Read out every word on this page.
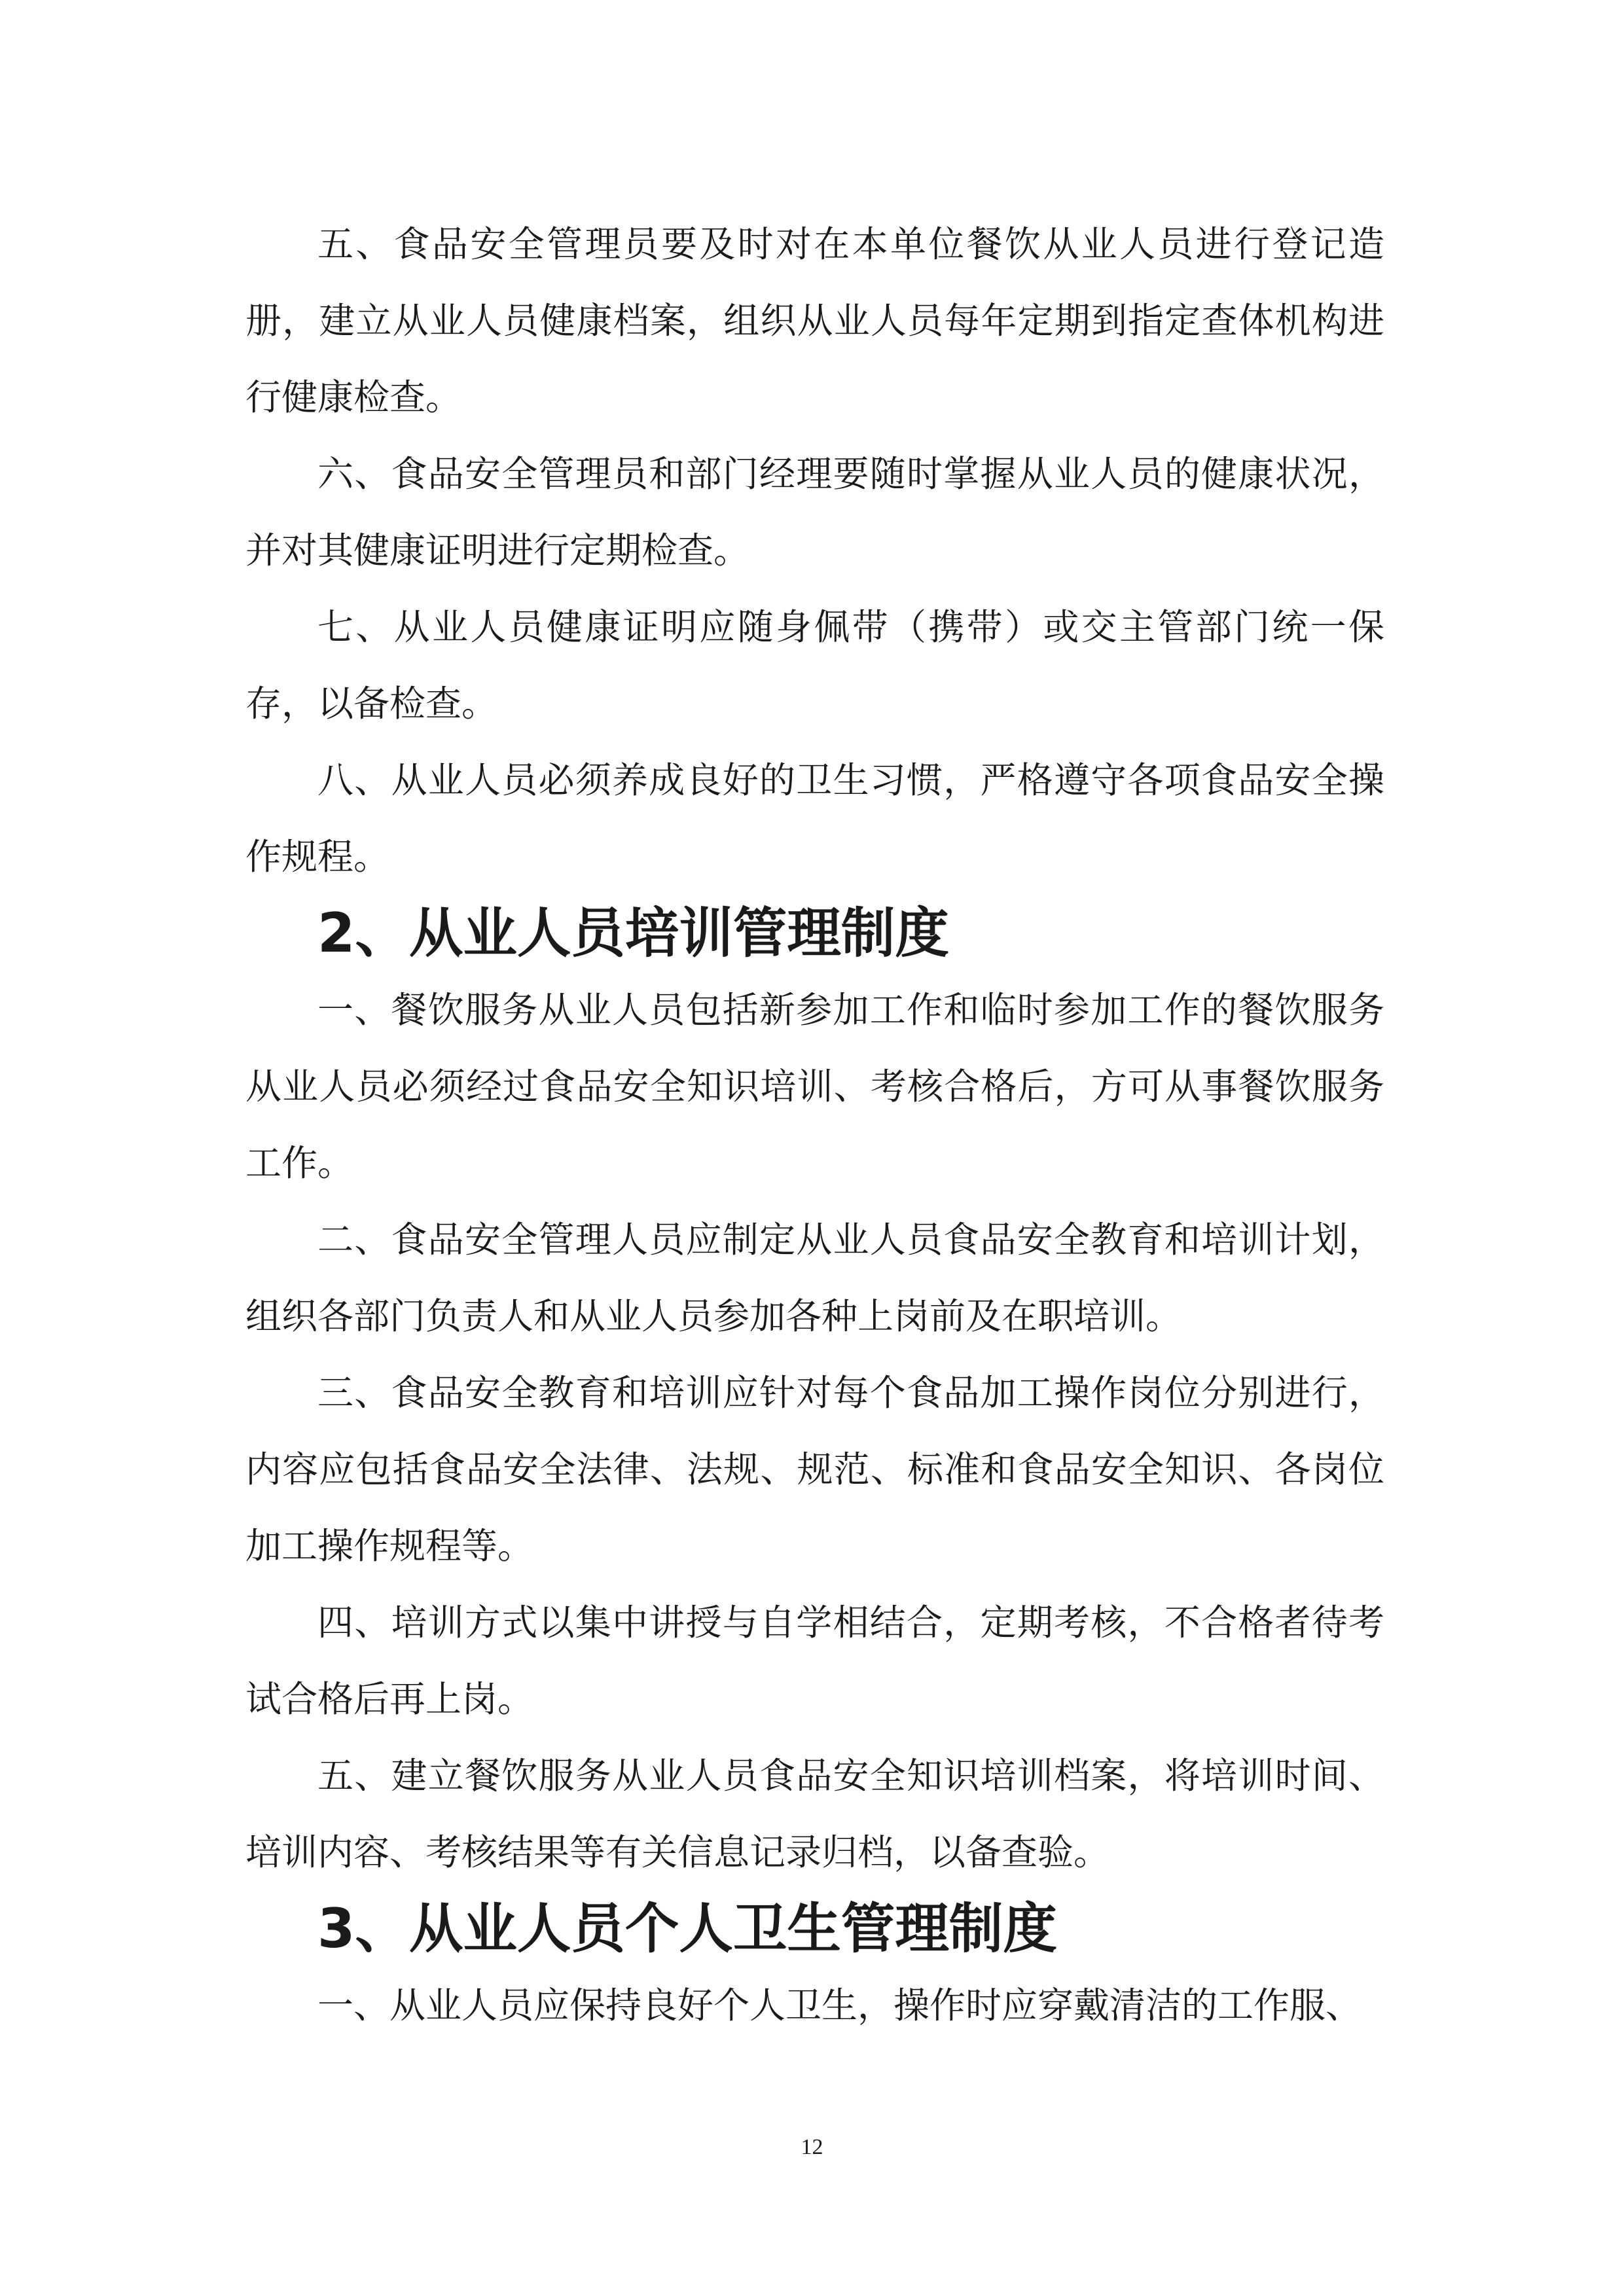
五、食品安全管理员要及时对在本单位餐饮从业人员进行登记造册，建立从业人员健康档案，组织从业人员每年定期到指定查体机构进行健康检查。

六、食品安全管理员和部门经理要随时掌握从业人员的健康状况，并对其健康证明进行定期检查。

七、从业人员健康证明应随身佩带（携带）或交主管部门统一保存，以备检查。

八、从业人员必须养成良好的卫生习惯，严格遵守各项食品安全操作规程。

2、从业人员培训管理制度

一、餐饮服务从业人员包括新参加工作和临时参加工作的餐饮服务从业人员必须经过食品安全知识培训、考核合格后，方可从事餐饮服务工作。

二、食品安全管理人员应制定从业人员食品安全教育和培训计划，组织各部门负责人和从业人员参加各种上岗前及在职培训。

三、食品安全教育和培训应针对每个食品加工操作岗位分别进行，内容应包括食品安全法律、法规、规范、标准和食品安全知识、各岗位加工操作规程等。

四、培训方式以集中讲授与自学相结合，定期考核，不合格者待考试合格后再上岗。

五、建立餐饮服务从业人员食品安全知识培训档案，将培训时间、培训内容、考核结果等有关信息记录归档，以备查验。

3、从业人员个人卫生管理制度

一、从业人员应保持良好个人卫生，操作时应穿戴清洁的工作服、

12
